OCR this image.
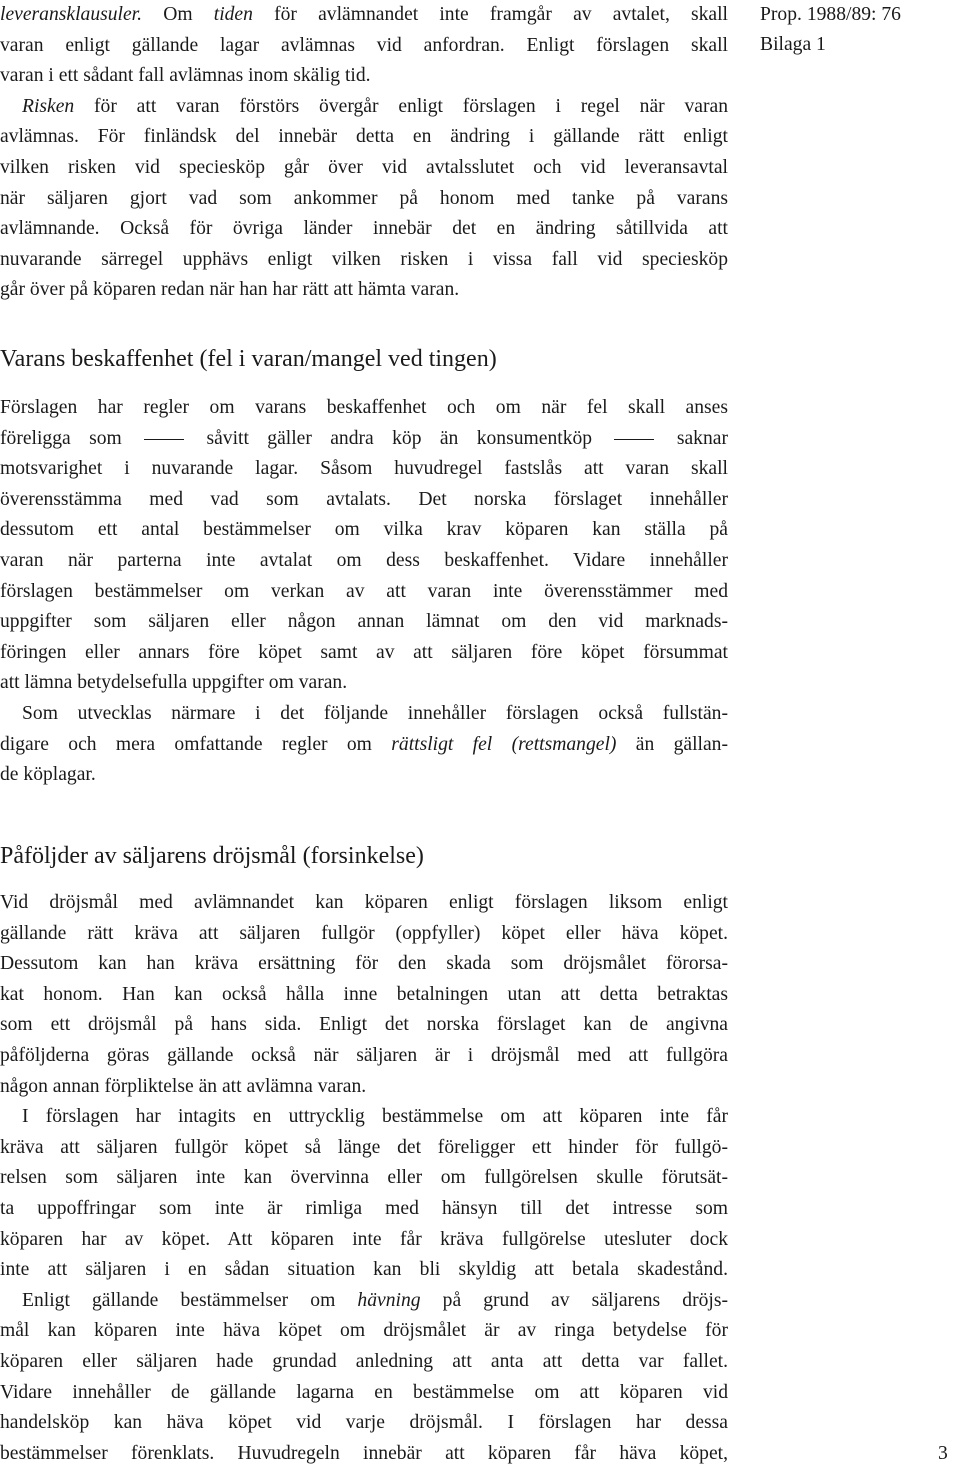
Prop. 1988/89: 76
Bilaga 1
leveransklausuler. Om tiden för avlämnandet inte framgår av avtalet, skall
varan enligt gällande lagar avlämnas vid anfordran. Enligt förslagen skall
varan i ett sådant fall avlämnas inom skälig tid.
Risken för att varan förstörs övergår enligt förslagen i regel när varan
avlämnas. För finländsk del innebär detta en ändring i gällande rätt enligt
vilken risken vid speciesköp går över vid avtalsslutet och vid leveransavtal
när säljaren gjort vad som ankommer på honom med tanke på varans
avlämnande. Också för övriga länder innebär det en ändring såtillvida att
nuvarande särregel upphävs enligt vilken risken i vissa fall vid speciesköp
går över på köparen redan när han har rätt att hämta varan.
Varans beskaffenhet (fel i varan/mangel ved tingen)
Förslagen har regler om varans beskaffenhet och om när fel skall anses
föreligga som	såvitt gäller andra köp än konsumentköp	saknar
motsvarighet i nuvarande lagar. Såsom huvudregel fastslås att varan skall
överensstämma med vad som avtalats. Det norska förslaget innehåller
dessutom ett antal bestämmelser om vilka krav köparen kan ställa på
varan när parterna inte avtalat om dess beskaffenhet. Vidare innehåller
förslagen bestämmelser om verkan av att varan inte överensstämmer med
uppgifter som säljaren eller någon annan lämnat om den vid marknads-
föringen eller annars före köpet samt av att säljaren före köpet försummat
att lämna betydelsefulla uppgifter om varan.
Som utvecklas närmare i det följande innehåller förslagen också fullstän-
digare och mera omfattande regler om rättsligt fel (rettsmangel) än gällan-
de köplagar.
Påföljder av säljarens dröjsmål (forsinkelse)
Vid dröjsmål med avlämnandet kan köparen enligt förslagen liksom enligt
gällande rätt kräva att säljaren fullgör (oppfyller) köpet eller häva köpet.
Dessutom kan han kräva ersättning för den skada som dröjsmålet förorsa-
kat honom. Han kan också hålla inne betalningen utan att detta betraktas
som ett dröjsmål på hans sida. Enligt det norska förslaget kan de angivna
påföljderna göras gällande också när säljaren är i dröjsmål med att fullgöra
någon annan förpliktelse än att avlämna varan.
I förslagen har intagits en uttrycklig bestämmelse om att köparen inte får
kräva att säljaren fullgör köpet så länge det föreligger ett hinder för fullgö-
relsen som säljaren inte kan övervinna eller om fullgörelsen skulle förutsät-
ta uppoffringar som inte är rimliga med hänsyn till det intresse som
köparen har av köpet. Att köparen inte får kräva fullgörelse utesluter dock
inte att säljaren i en sådan situation kan bli skyldig att betala skadestånd.
Enligt gällande bestämmelser om hävning på grund av säljarens dröjs-
mål kan köparen inte häva köpet om dröjsmålet är av ringa betydelse för
köparen eller säljaren hade grundad anledning att anta att detta var fallet.
Vidare innehåller de gällande lagarna en bestämmelse om att köparen vid
handelsköp kan häva köpet vid varje dröjsmål. I förslagen har dessa
bestämmelser förenklats. Huvudregeln innebär att köparen får häva köpet,	3
